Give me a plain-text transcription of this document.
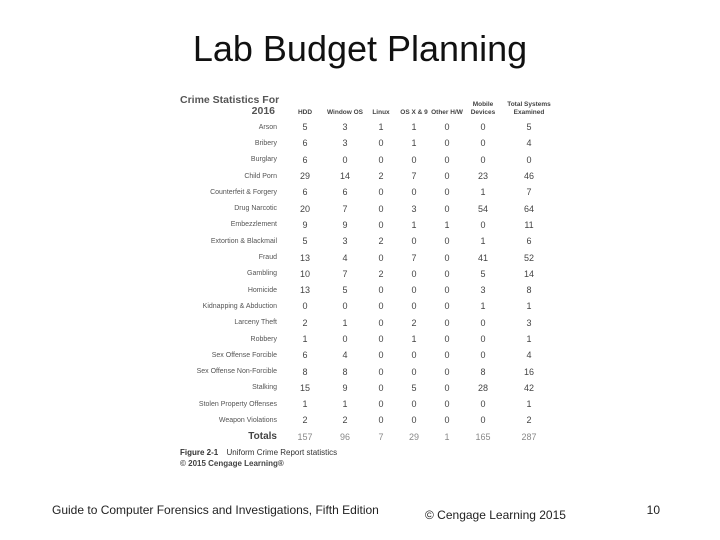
Lab Budget Planning
Crime Statistics For
2016	HDD	Window OS	Linux	OS X & 9	Other H/W	Mobile Devices	Total Systems Examined
Arson	5	3	1	1	0	0	5
Bribery	6	3	0	1	0	0	4
Burglary	6	0	0	0	0	0	0
Child Porn	29	14	2	7	0	23	46
Counterfeit & Forgery	6	6	0	0	0	1	7
Drug Narcotic	20	7	0	3	0	54	64
Embezzlement	9	9	0	1	1	0	11
Extortion & Blackmail	5	3	2	0	0	1	6
Fraud	13	4	0	7	0	41	52
Gambling	10	7	2	0	0	5	14
Homicide	13	5	0	0	0	3	8
Kidnapping & Abduction	0	0	0	0	0	1	1
Larceny Theft	2	1	0	2	0	0	3
Robbery	1	0	0	1	0	0	1
Sex Offense Forcible	6	4	0	0	0	0	4
Sex Offense Non-Forcible	8	8	0	0	0	8	16
Stalking	15	9	0	5	0	28	42
Stolen Property Offenses	1	1	0	0	0	0	1
Weapon Violations	2	2	0	0	0	0	2
Totals	157	96	7	29	1	165	287
Figure 2-1 Uniform Crime Report statistics
© 2015 Cengage Learning®
Guide to Computer Forensics and Investigations, Fifth Edition	© Cengage Learning 2015	10
